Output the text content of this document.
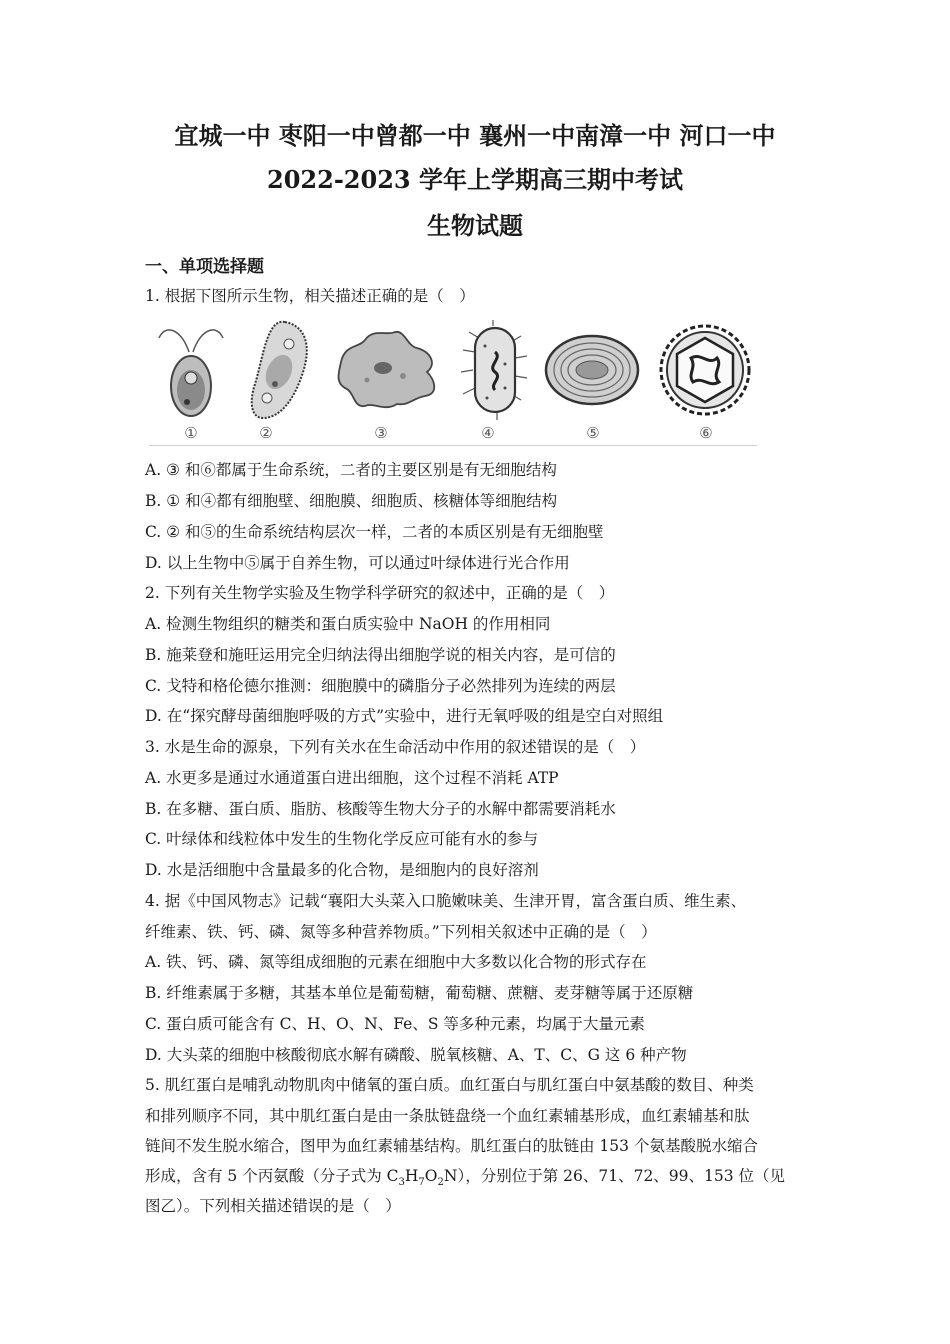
宜城一中 枣阳一中曾都一中 襄州一中南漳一中 河口一中
2022-2023 学年上学期高三期中考试
生物试题
一、单项选择题
1. 根据下图所示生物，相关描述正确的是（　）
①	②	③	④	⑤	⑥
A. ③ 和⑥都属于生命系统，二者的主要区别是有无细胞结构
B. ① 和④都有细胞壁、细胞膜、细胞质、核糖体等细胞结构
C. ② 和⑤的生命系统结构层次一样，二者的本质区别是有无细胞壁
D. 以上生物中⑤属于自养生物，可以通过叶绿体进行光合作用
2. 下列有关生物学实验及生物学科学研究的叙述中，正确的是（　）
A. 检测生物组织的糖类和蛋白质实验中 NaOH 的作用相同
B. 施莱登和施旺运用完全归纳法得出细胞学说的相关内容，是可信的
C. 戈特和格伦德尔推测：细胞膜中的磷脂分子必然排列为连续的两层
D. 在“探究酵母菌细胞呼吸的方式”实验中，进行无氧呼吸的组是空白对照组
3. 水是生命的源泉，下列有关水在生命活动中作用的叙述错误的是（　）
A. 水更多是通过水通道蛋白进出细胞，这个过程不消耗 ATP
B. 在多糖、蛋白质、脂肪、核酸等生物大分子的水解中都需要消耗水
C. 叶绿体和线粒体中发生的生物化学反应可能有水的参与
D. 水是活细胞中含量最多的化合物，是细胞内的良好溶剂
4. 据《中国风物志》记载“襄阳大头菜入口脆嫩味美、生津开胃，富含蛋白质、维生素、
纤维素、铁、钙、磷、氮等多种营养物质。”下列相关叙述中正确的是（　）
A. 铁、钙、磷、氮等组成细胞的元素在细胞中大多数以化合物的形式存在
B. 纤维素属于多糖，其基本单位是葡萄糖，葡萄糖、蔗糖、麦芽糖等属于还原糖
C. 蛋白质可能含有 C、H、O、N、Fe、S 等多种元素，均属于大量元素
D. 大头菜的细胞中核酸彻底水解有磷酸、脱氧核糖、A、T、C、G 这 6 种产物
5. 肌红蛋白是哺乳动物肌肉中储氧的蛋白质。血红蛋白与肌红蛋白中氨基酸的数目、种类
和排列顺序不同，其中肌红蛋白是由一条肽链盘绕一个血红素辅基形成，血红素辅基和肽
链间不发生脱水缩合，图甲为血红素辅基结构。肌红蛋白的肽链由 153 个氨基酸脱水缩合
形成，含有 5 个丙氨酸（分子式为 $C_3H_7O_2N$），分别位于第 26、71、72、99、153 位（见
图乙）。下列相关描述错误的是（　）
